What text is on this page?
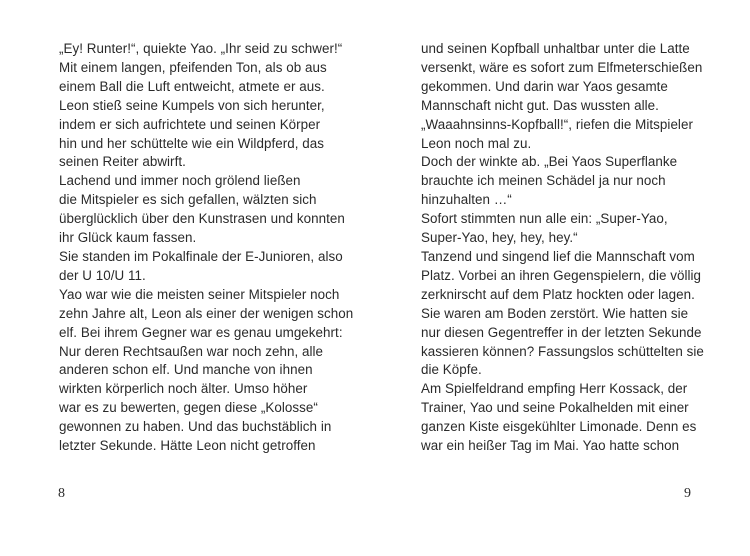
„Ey! Runter!“, quiekte Yao. „Ihr seid zu schwer!“
Mit einem langen, pfeifenden Ton, als ob aus
einem Ball die Luft entweicht, atmete er aus.
Leon stieß seine Kumpels von sich herunter,
indem er sich aufrichtete und seinen Körper
hin und her schüttelte wie ein Wildpferd, das
seinen Reiter abwirft.
Lachend und immer noch grölend ließen
die Mitspieler es sich gefallen, wälzten sich
überglücklich über den Kunstrasen und konnten
ihr Glück kaum fassen.
Sie standen im Pokalfinale der E-Junioren, also
der U 10/U 11.
Yao war wie die meisten seiner Mitspieler noch
zehn Jahre alt, Leon als einer der wenigen schon
elf. Bei ihrem Gegner war es genau umgekehrt:
Nur deren Rechtsaußen war noch zehn, alle
anderen schon elf. Und manche von ihnen
wirkten körperlich noch älter. Umso höher
war es zu bewerten, gegen diese „Kolosse“
gewonnen zu haben. Und das buchstäblich in
letzter Sekunde. Hätte Leon nicht getroffen
8
und seinen Kopfball unhaltbar unter die Latte
versenkt, wäre es sofort zum Elfmeterschießen
gekommen. Und darin war Yaos gesamte
Mannschaft nicht gut. Das wussten alle.
„Waaahnsinns-Kopfball!“, riefen die Mitspieler
Leon noch mal zu.
Doch der winkte ab. „Bei Yaos Superflanke
brauchte ich meinen Schädel ja nur noch
hinzuhalten …“
Sofort stimmten nun alle ein: „Super-Yao,
Super-Yao, hey, hey, hey.“
Tanzend und singend lief die Mannschaft vom
Platz. Vorbei an ihren Gegenspielern, die völlig
zerknirscht auf dem Platz hockten oder lagen.
Sie waren am Boden zerstört. Wie hatten sie
nur diesen Gegentreffer in der letzten Sekunde
kassieren können? Fassungslos schüttelten sie
die Köpfe.
Am Spielfeldrand empfing Herr Kossack, der
Trainer, Yao und seine Pokalhelden mit einer
ganzen Kiste eisgekühlter Limonade. Denn es
war ein heißer Tag im Mai. Yao hatte schon
9
